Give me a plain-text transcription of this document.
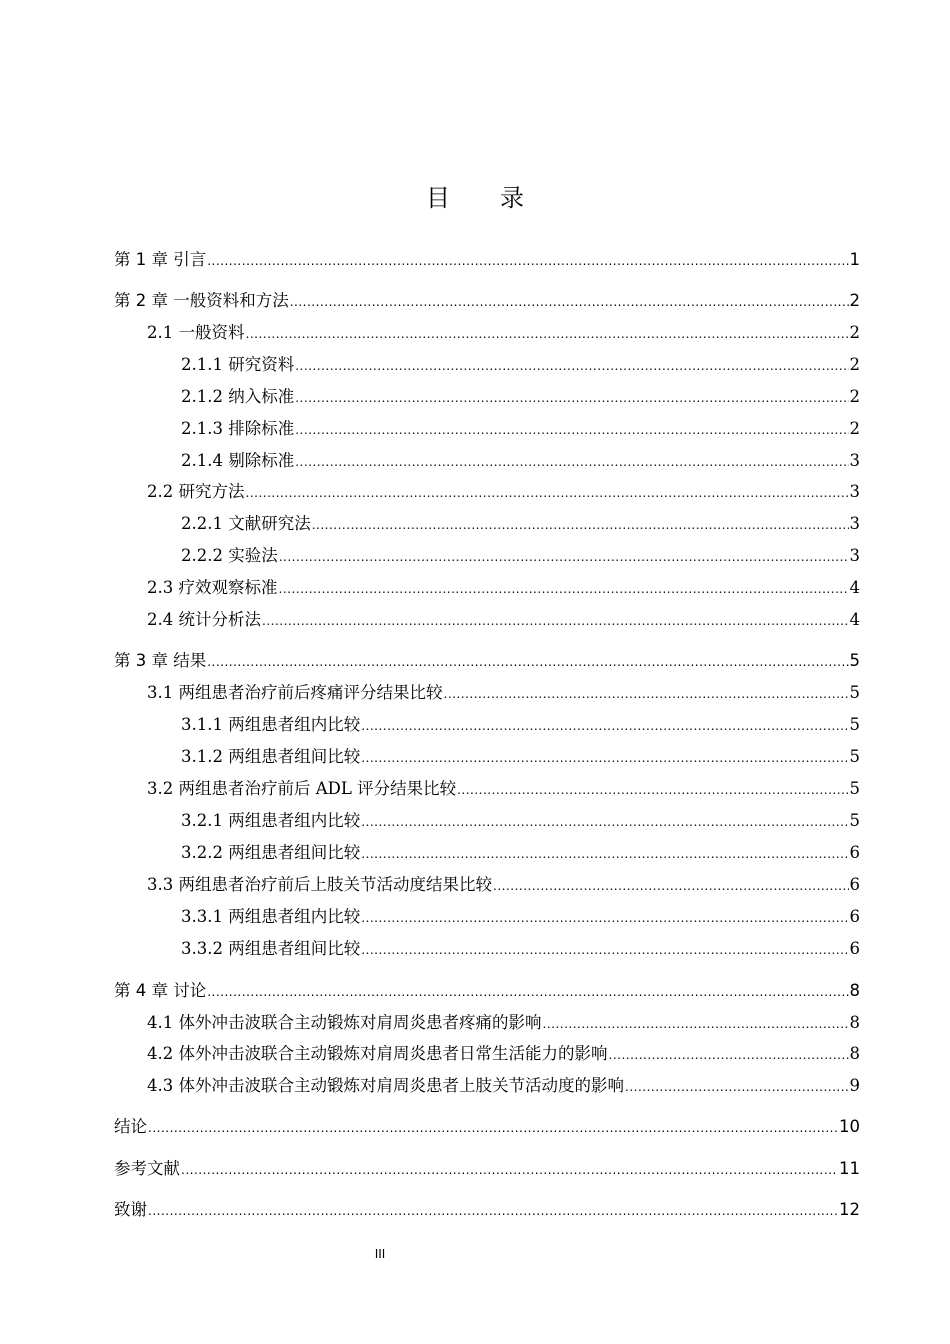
目 录
第 1 章 引言 .....	1
第 2 章 一般资料和方法 .....	2
2.1 一般资料 .....	2
2.1.1 研究资料 .....	2
2.1.2 纳入标准 .....	2
2.1.3 排除标准 .....	2
2.1.4 剔除标准 .....	3
2.2 研究方法 .....	3
2.2.1 文献研究法 .....	3
2.2.2 实验法 .....	3
2.3 疗效观察标准 .....	4
2.4 统计分析法 .....	4
第 3 章 结果 .....	5
3.1 两组患者治疗前后疼痛评分结果比较 .....	5
3.1.1 两组患者组内比较 .....	5
3.1.2 两组患者组间比较 .....	5
3.2 两组患者治疗前后 ADL 评分结果比较 .....	5
3.2.1 两组患者组内比较 .....	5
3.2.2 两组患者组间比较 .....	6
3.3 两组患者治疗前后上肢关节活动度结果比较 .....	6
3.3.1 两组患者组内比较 .....	6
3.3.2 两组患者组间比较 .....	6
第 4 章 讨论 .....	8
4.1 体外冲击波联合主动锻炼对肩周炎患者疼痛的影响 .....	8
4.2 体外冲击波联合主动锻炼对肩周炎患者日常生活能力的影响 .....	8
4.3 体外冲击波联合主动锻炼对肩周炎患者上肢关节活动度的影响 .....	9
结论 .....	10
参考文献 .....	11
致谢 .....	12
III
